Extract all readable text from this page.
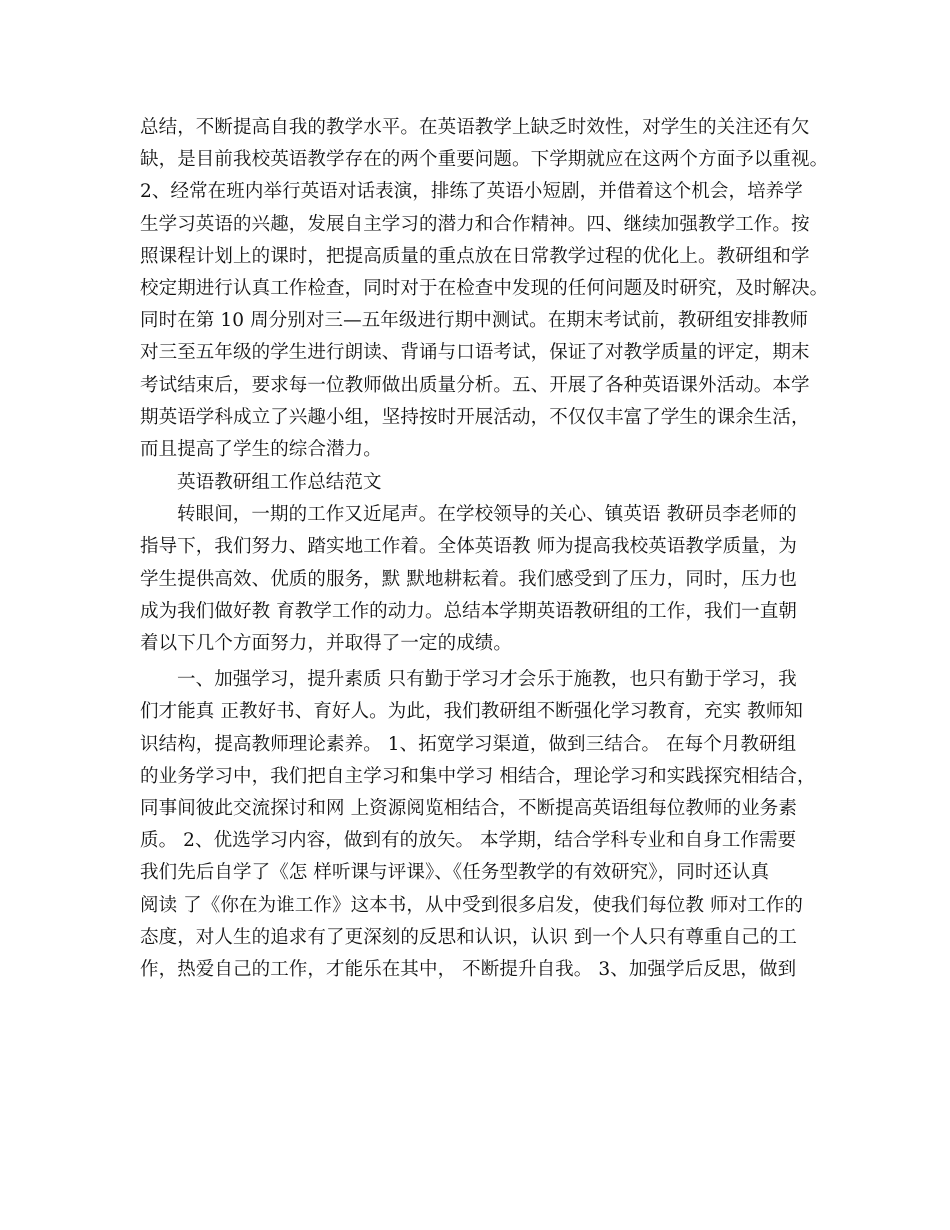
总结，不断提高自我的教学水平。在英语教学上缺乏时效性，对学生的关注还有欠
缺，是目前我校英语教学存在的两个重要问题。下学期就应在这两个方面予以重视。
2、经常在班内举行英语对话表演，排练了英语小短剧，并借着这个机会，培养学
生学习英语的兴趣，发展自主学习的潜力和合作精神。四、继续加强教学工作。按
照课程计划上的课时，把提高质量的重点放在日常教学过程的优化上。教研组和学
校定期进行认真工作检查，同时对于在检查中发现的任何问题及时研究，及时解决。
同时在第 10 周分别对三—五年级进行期中测试。在期末考试前，教研组安排教师
对三至五年级的学生进行朗读、背诵与口语考试，保证了对教学质量的评定，期末
考试结束后，要求每一位教师做出质量分析。五、开展了各种英语课外活动。本学
期英语学科成立了兴趣小组，坚持按时开展活动，不仅仅丰富了学生的课余生活，
而且提高了学生的综合潜力。
英语教研组工作总结范文
转眼间，一期的工作又近尾声。在学校领导的关心、镇英语 教研员李老师的
指导下，我们努力、踏实地工作着。全体英语教 师为提高我校英语教学质量，为
学生提供高效、优质的服务，默 默地耕耘着。我们感受到了压力，同时，压力也
成为我们做好教 育教学工作的动力。总结本学期英语教研组的工作，我们一直朝
着以下几个方面努力，并取得了一定的成绩。
一、加强学习，提升素质 只有勤于学习才会乐于施教，也只有勤于学习，我
们才能真 正教好书、育好人。为此，我们教研组不断强化学习教育，充实 教师知
识结构，提高教师理论素养。 1、拓宽学习渠道，做到三结合。 在每个月教研组
的业务学习中，我们把自主学习和集中学习 相结合，理论学习和实践探究相结合，
同事间彼此交流探讨和网 上资源阅览相结合，不断提高英语组每位教师的业务素
质。 2、优选学习内容，做到有的放矢。 本学期，结合学科专业和自身工作需要
我们先后自学了《怎 样听课与评课》、《任务型教学的有效研究》，同时还认真
阅读 了《你在为谁工作》这本书，从中受到很多启发，使我们每位教 师对工作的
态度，对人生的追求有了更深刻的反思和认识，认识 到一个人只有尊重自己的工
作，热爱自己的工作，才能乐在其中， 不断提升自我。 3、加强学后反思，做到
